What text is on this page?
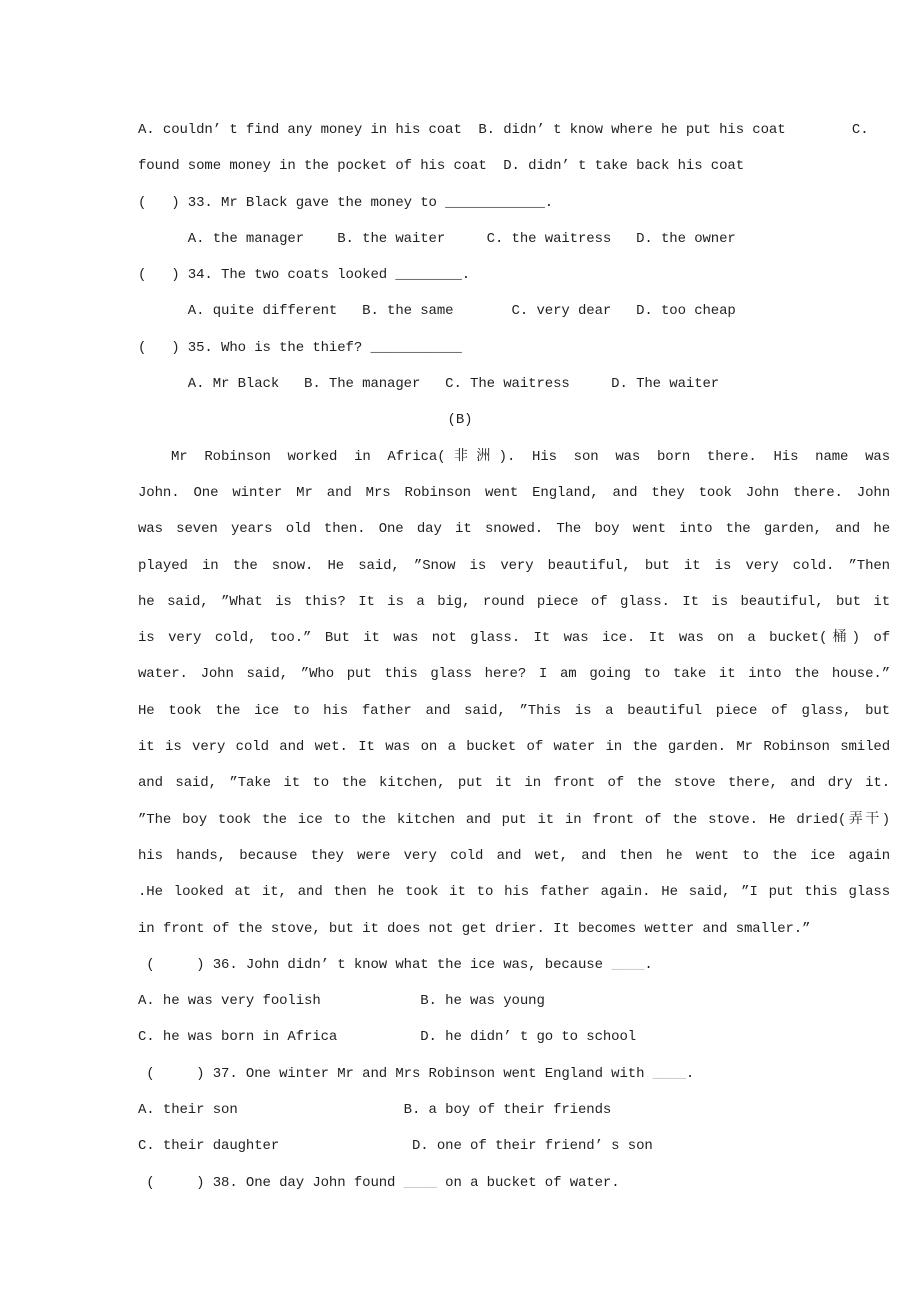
A. couldn’ t find any money in his coat  B. didn’ t know where he put his coat        C.
found some money in the pocket of his coat  D. didn’ t take back his coat
(   ) 33. Mr Black gave the money to ____________.
A. the manager    B. the waiter     C. the waitress   D. the owner
(   ) 34. The two coats looked ________.
A. quite different   B. the same       C. very dear   D. too cheap
(   ) 35. Who is the thief? ___________
A. Mr Black   B. The manager   C. The waitress     D. The waiter
(B)
Mr Robinson worked in Africa(非洲). His son was born there. His name was
John. One winter Mr and Mrs Robinson went England, and they took John there. John
was seven years old then. One day it snowed. The boy went into the garden, and he
played in the snow. He said, ”Snow is very beautiful, but it is very cold. ”Then
he said, ”What is this? It is a big, round piece of glass. It is beautiful, but it
is very cold, too.” But it was not glass. It was ice. It was on a bucket(桶) of
water. John said, ”Who put this glass here? I am going to take it into the house.”
He took the ice to his father and said, ”This is a beautiful piece of glass, but
it is very cold and wet. It was on a bucket of water in the garden. Mr Robinson smiled
and said, ”Take it to the kitchen, put it in front of the stove there, and dry it.
”The boy took the ice to the kitchen and put it in front of the stove. He dried(弄干)
his hands, because they were very cold and wet, and then he went to the ice again
.He looked at it, and then he took it to his father again. He said, ”I put this glass
in front of the stove, but it does not get drier. It becomes wetter and smaller.”
(     ) 36. John didn’ t know what the ice was, because ____.
A. he was very foolish            B. he was young
C. he was born in Africa          D. he didn’ t go to school
(     ) 37. One winter Mr and Mrs Robinson went England with ____.
A. their son                    B. a boy of their friends
C. their daughter                D. one of their friend’ s son
(     ) 38. One day John found ____ on a bucket of water.
